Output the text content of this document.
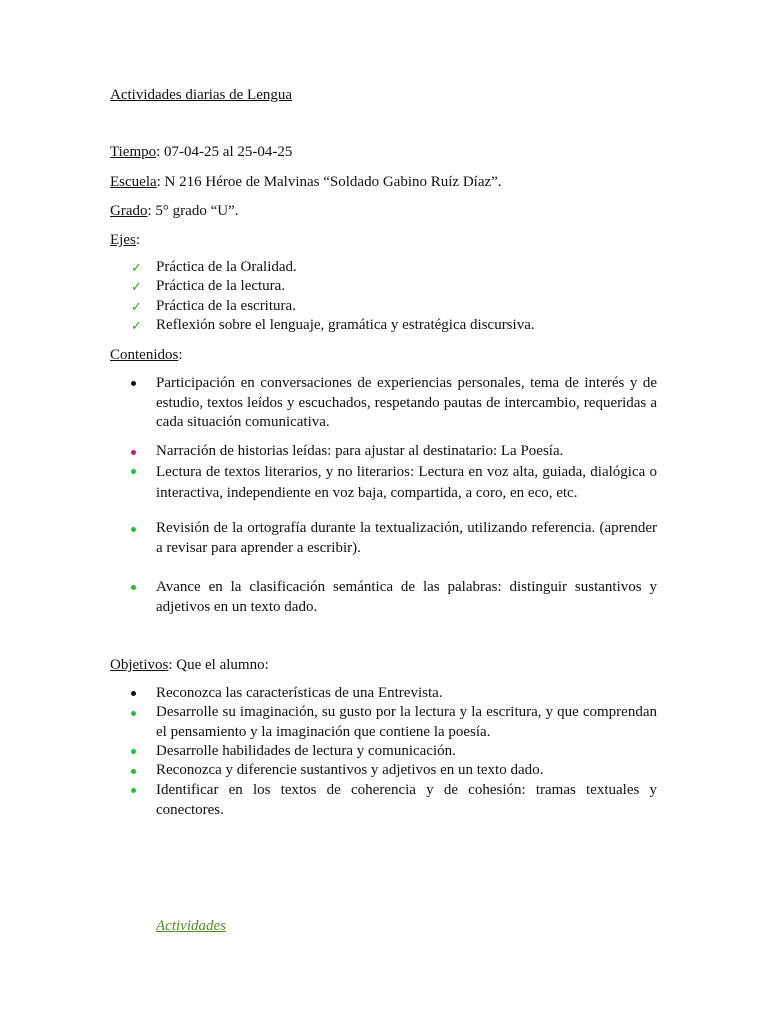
Actividades diarias de Lengua
Tiempo: 07-04-25 al 25-04-25
Escuela: N 216 Héroe de Malvinas “Soldado Gabino Ruíz Díaz”.
Grado: 5° grado “U”.
Ejes:
✓ Práctica de la Oralidad.
✓ Práctica de la lectura.
✓ Práctica de la escritura.
✓ Reflexión sobre el lenguaje, gramática y estratégica discursiva.
Contenidos:
Participación en conversaciones de experiencias personales, tema de interés y de estudio, textos leídos y escuchados, respetando pautas de intercambio, requeridas a cada situación comunicativa.
Narración de historias leídas: para ajustar al destinatario: La Poesía.
Lectura de textos literarios, y no literarios: Lectura en voz alta, guiada, dialógica o interactiva, independiente en voz baja, compartida, a coro, en eco, etc.
Revisión de la ortografía durante la textualización, utilizando referencia. (aprender a revisar para aprender a escribir).
Avance en la clasificación semántica de las palabras: distinguir sustantivos y adjetivos en un texto dado.
Objetivos: Que el alumno:
Reconozca las características de una Entrevista.
Desarrolle su imaginación, su gusto por la lectura y la escritura, y que comprendan el pensamiento y la imaginación que contiene la poesía.
Desarrolle habilidades de lectura y comunicación.
Reconozca y diferencie sustantivos y adjetivos en un texto dado.
Identificar en los textos de coherencia y de cohesión: tramas textuales y conectores.
Actividades
